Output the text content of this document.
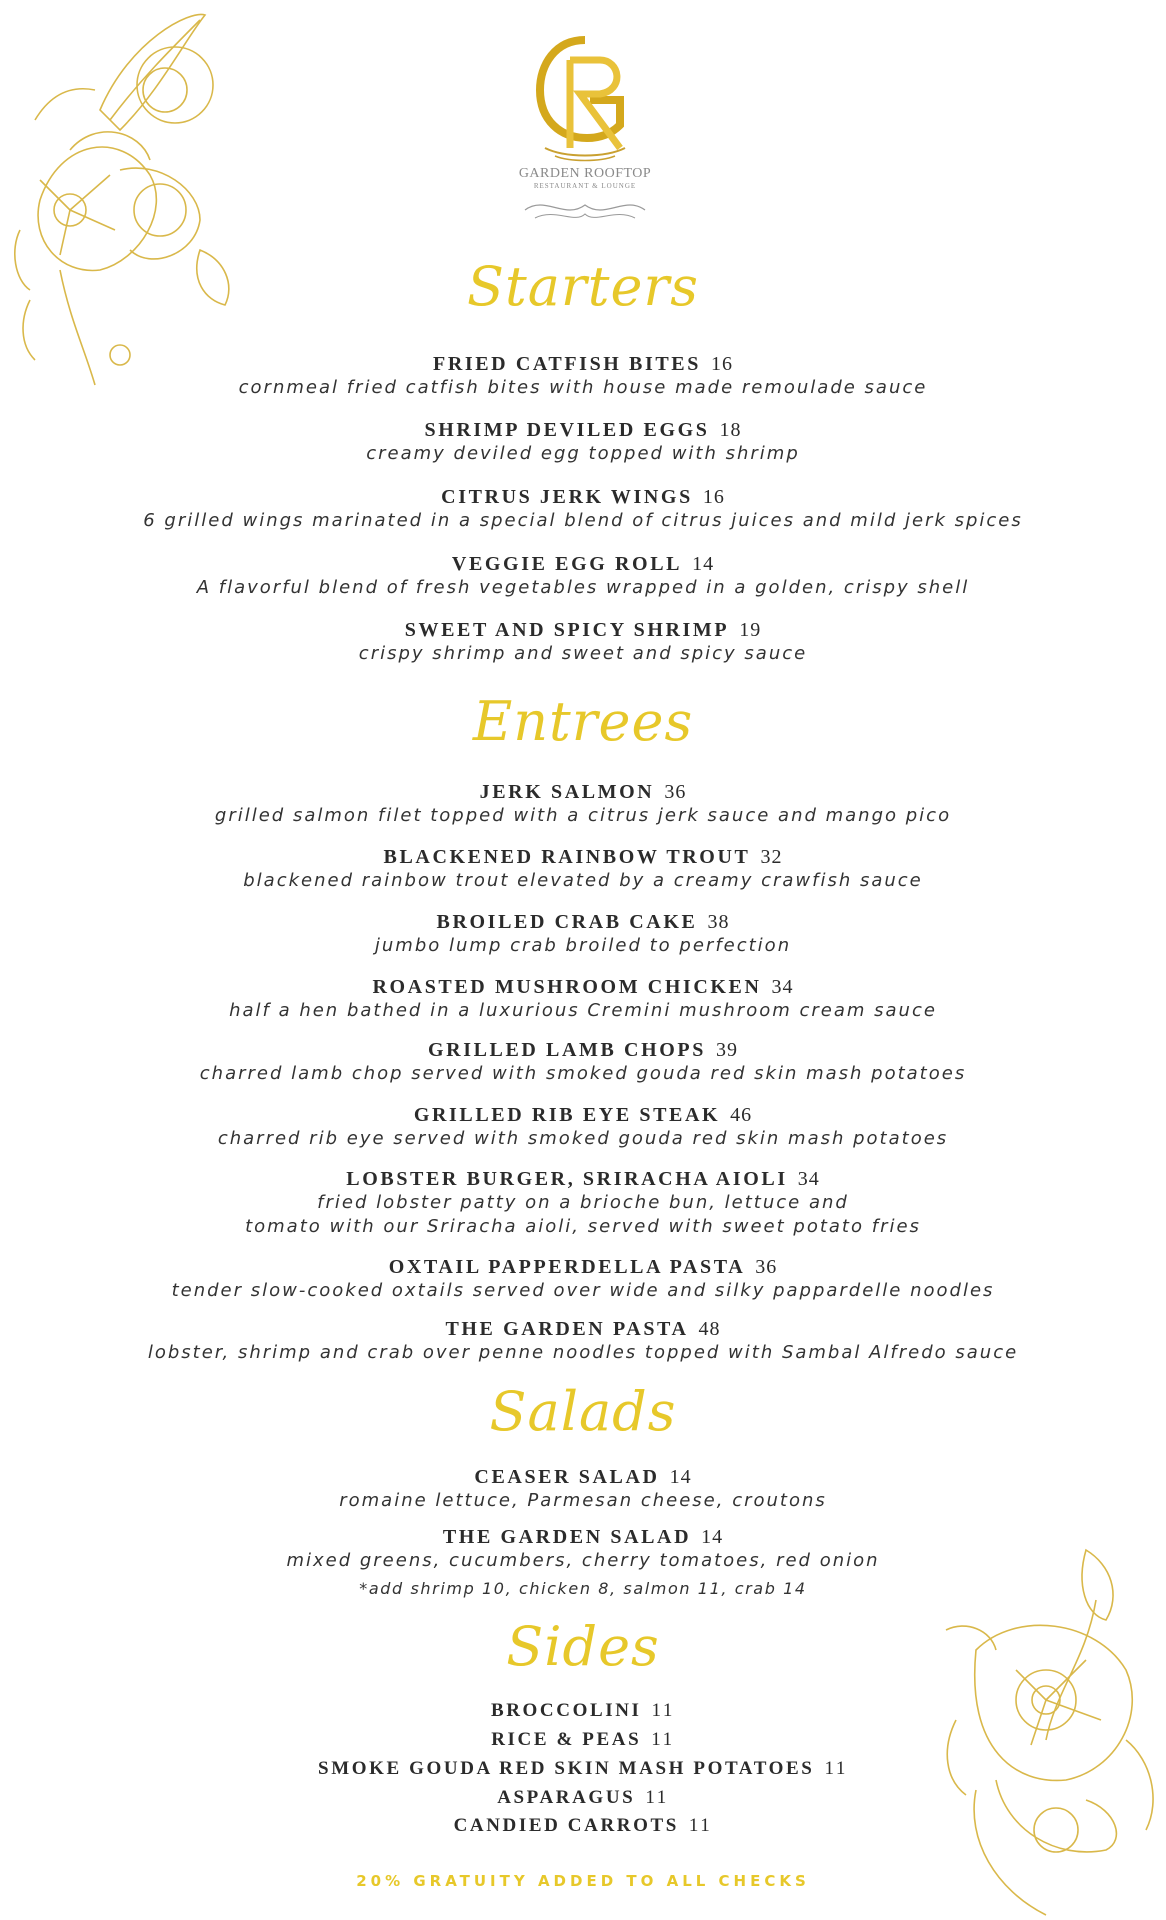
GARDEN ROOFTOP
RESTAURANT & LOUNGE
Starters
FRIED CATFISH BITES 16
cornmeal fried catfish bites with house made remoulade sauce
SHRIMP DEVILED EGGS 18
creamy deviled egg topped with shrimp
CITRUS JERK WINGS 16
6 grilled wings marinated in a special blend of citrus juices and mild jerk spices
VEGGIE EGG ROLL 14
A flavorful blend of fresh vegetables wrapped in a golden, crispy shell
SWEET AND SPICY SHRIMP 19
crispy shrimp and sweet and spicy sauce
Entrees
JERK SALMON 36
grilled salmon filet topped with a citrus jerk sauce and mango pico
BLACKENED RAINBOW TROUT 32
blackened rainbow trout elevated by a creamy crawfish sauce
BROILED CRAB CAKE 38
jumbo lump crab broiled to perfection
ROASTED MUSHROOM CHICKEN 34
half a hen bathed in a luxurious Cremini mushroom cream sauce
GRILLED LAMB CHOPS 39
charred lamb chop served with smoked gouda red skin mash potatoes
GRILLED RIB EYE STEAK 46
charred rib eye served with smoked gouda red skin mash potatoes
LOBSTER BURGER, SRIRACHA AIOLI 34
fried lobster patty on a brioche bun, lettuce and
tomato with our Sriracha aioli, served with sweet potato fries
OXTAIL PAPPERDELLA PASTA 36
tender slow-cooked oxtails served over wide and silky pappardelle noodles
THE GARDEN PASTA 48
lobster, shrimp and crab over penne noodles topped with Sambal Alfredo sauce
Salads
CEASER SALAD 14
romaine lettuce, Parmesan cheese, croutons
THE GARDEN SALAD 14
mixed greens, cucumbers, cherry tomatoes, red onion
*add shrimp 10, chicken 8, salmon 11, crab 14
Sides
BROCCOLINI 11
RICE & PEAS 11
SMOKE GOUDA RED SKIN MASH POTATOES 11
ASPARAGUS 11
CANDIED CARROTS 11
20% GRATUITY ADDED TO ALL CHECKS
